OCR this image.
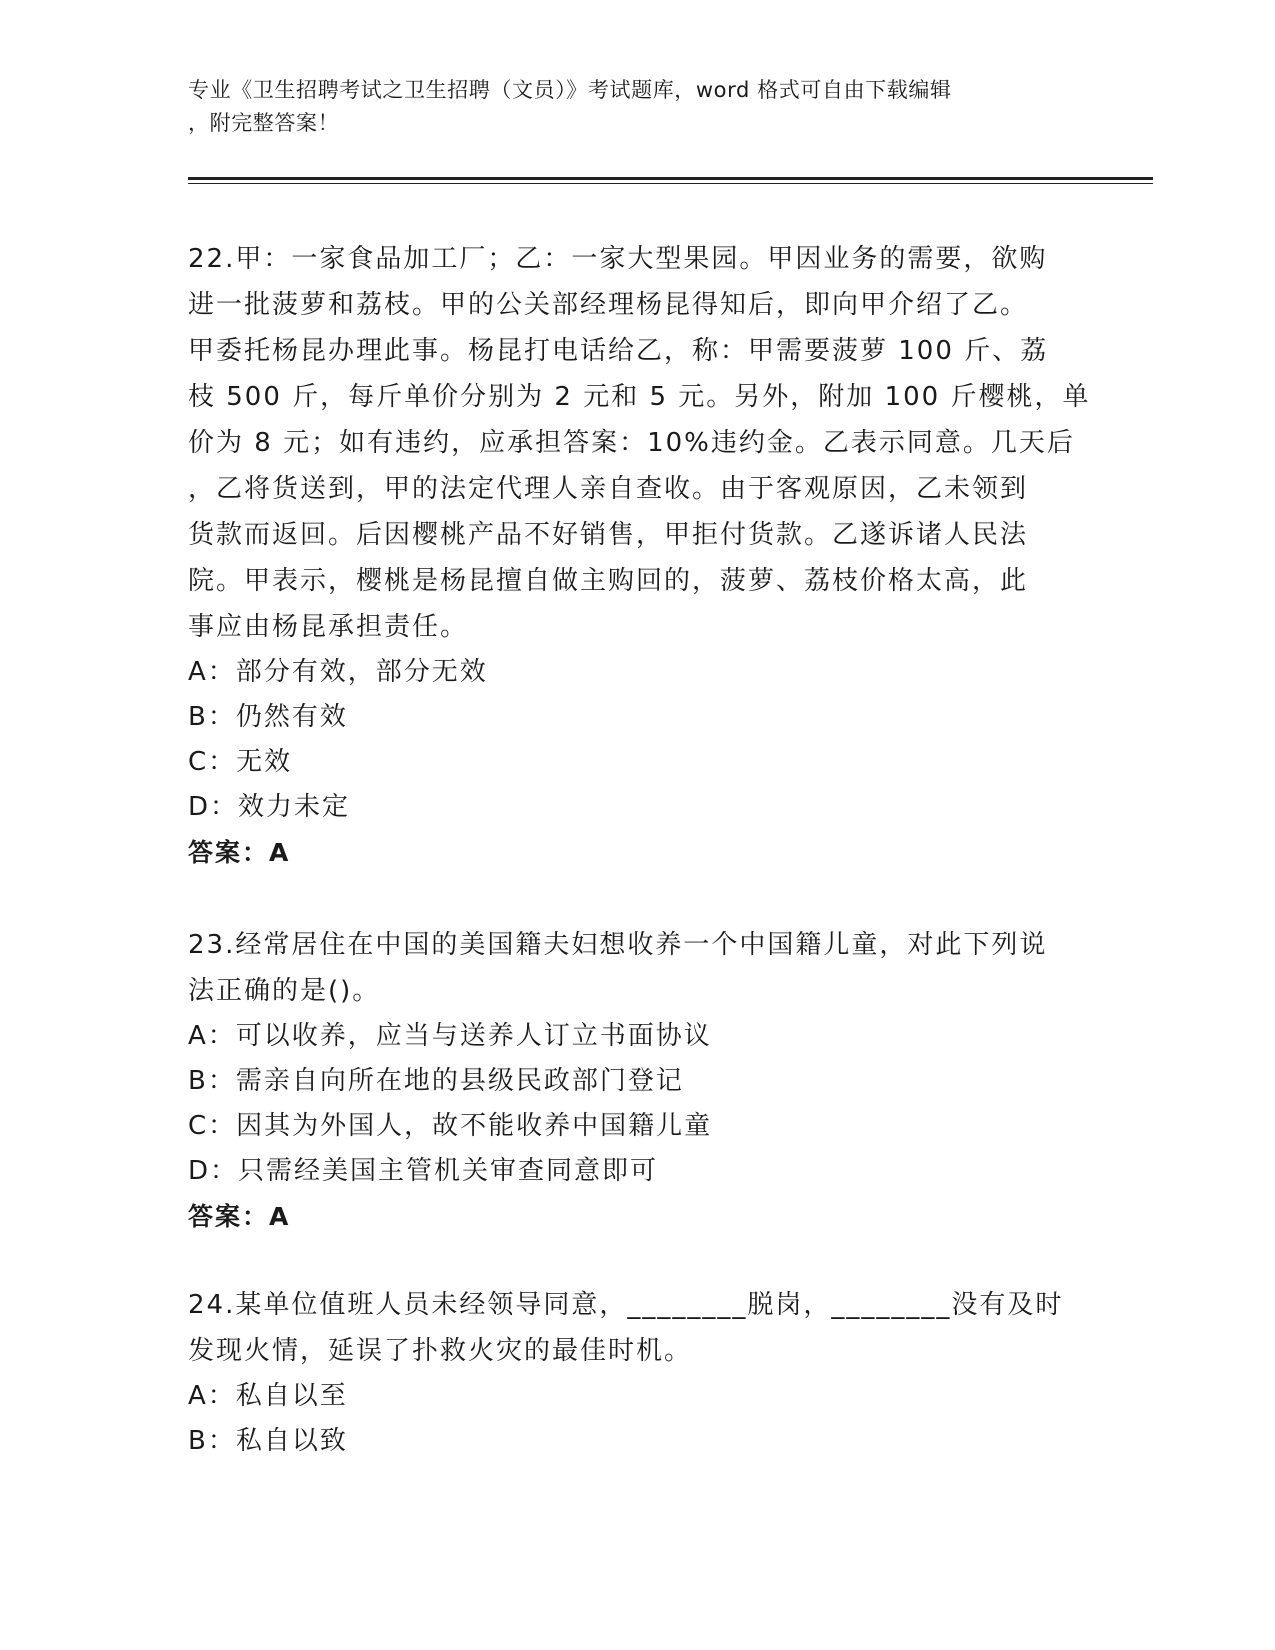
专业《卫生招聘考试之卫生招聘（文员）》考试题库，word 格式可自由下载编辑
，附完整答案！
22.甲：一家食品加工厂；乙：一家大型果园。甲因业务的需要，欲购
进一批菠萝和荔枝。甲的公关部经理杨昆得知后，即向甲介绍了乙。
甲委托杨昆办理此事。杨昆打电话给乙，称：甲需要菠萝 100 斤、荔
枝 500 斤，每斤单价分别为 2 元和 5 元。另外，附加 100 斤樱桃，单
价为 8 元；如有违约，应承担答案：10%违约金。乙表示同意。几天后
，乙将货送到，甲的法定代理人亲自查收。由于客观原因，乙未领到
货款而返回。后因樱桃产品不好销售，甲拒付货款。乙遂诉诸人民法
院。甲表示，樱桃是杨昆擅自做主购回的，菠萝、荔枝价格太高，此
事应由杨昆承担责任。
A：部分有效，部分无效
B：仍然有效
C：无效
D：效力未定
答案：A
23.经常居住在中国的美国籍夫妇想收养一个中国籍儿童，对此下列说
法正确的是()。
A：可以收养，应当与送养人订立书面协议
B：需亲自向所在地的县级民政部门登记
C：因其为外国人，故不能收养中国籍儿童
D：只需经美国主管机关审查同意即可
答案：A
24.某单位值班人员未经领导同意，________脱岗，________没有及时
发现火情，延误了扑救火灾的最佳时机。
A：私自以至
B：私自以致
